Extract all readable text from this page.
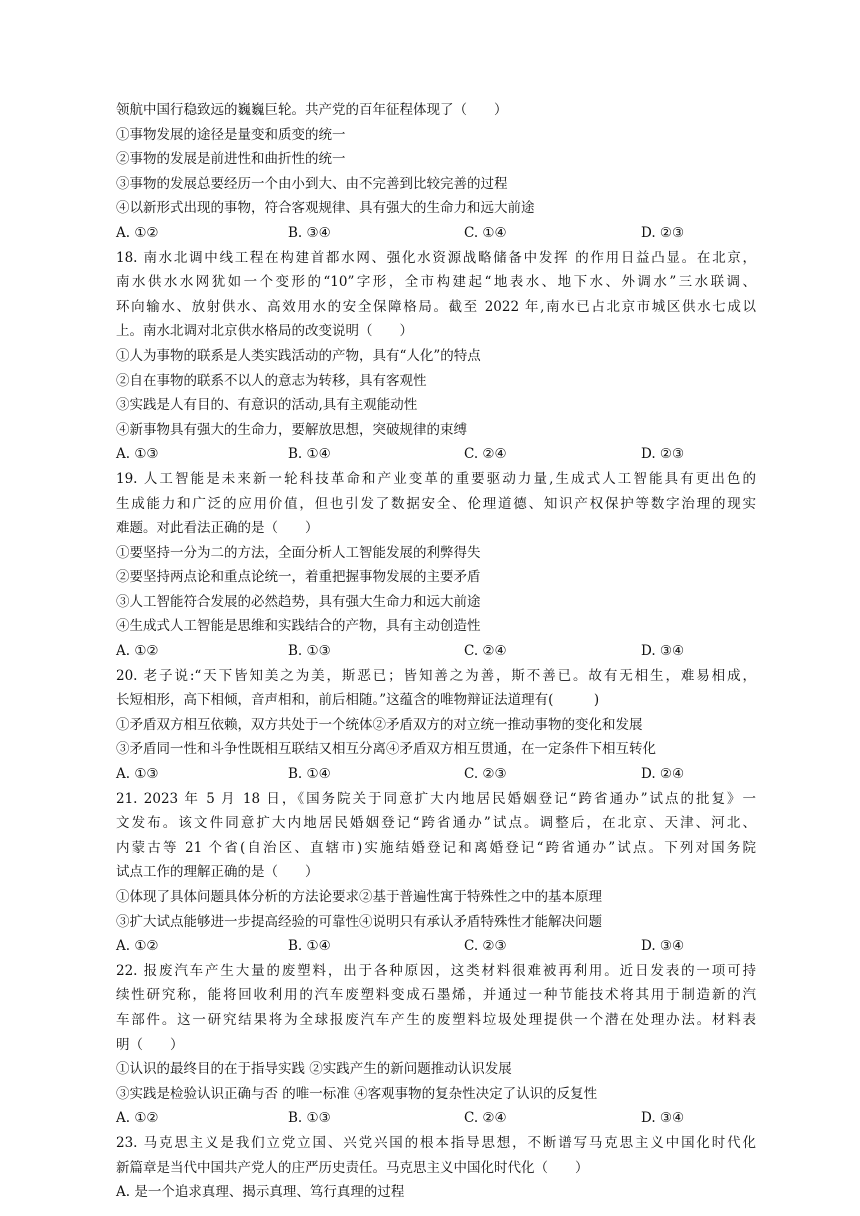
领航中国行稳致远的巍巍巨轮。共产党的百年征程体现了（　　）
①事物发展的途径是量变和质变的统一
②事物的发展是前进性和曲折性的统一
③事物的发展总要经历一个由小到大、由不完善到比较完善的过程
④以新形式出现的事物，符合客观规律、具有强大的生命力和远大前途
A. ①②	B. ③④	C. ①④	D. ②③
18. 南水北调中线工程在构建首都水网、强化水资源战略储备中发挥 的作用日益凸显。在北京，
南水供水水网犹如一个变形的“10”字形，全市构建起“地表水、地下水、外调水”三水联调、
环向输水、放射供水、高效用水的安全保障格局。截至 2022 年,南水已占北京市城区供水七成以
上。南水北调对北京供水格局的改变说明（　　）
①人为事物的联系是人类实践活动的产物，具有“人化”的特点
②自在事物的联系不以人的意志为转移，具有客观性
③实践是人有目的、有意识的活动,具有主观能动性
④新事物具有强大的生命力，要解放思想，突破规律的束缚
A. ①③	B. ①④	C. ②④	D. ②③
19. 人工智能是未来新一轮科技革命和产业变革的重要驱动力量,生成式人工智能具有更出色的
生成能力和广泛的应用价值，但也引发了数据安全、伦理道德、知识产权保护等数字治理的现实
难题。对此看法正确的是（　　）
①要坚持一分为二的方法，全面分析人工智能发展的利弊得失
②要坚持两点论和重点论统一，着重把握事物发展的主要矛盾
③人工智能符合发展的必然趋势，具有强大生命力和远大前途
④生成式人工智能是思维和实践结合的产物，具有主动创造性
A. ①②	B. ①③	C. ②④	D. ③④
20. 老子说:“天下皆知美之为美，斯恶已；皆知善之为善，斯不善已。故有无相生，难易相成，
长短相形，高下相倾，音声相和，前后相随。”这蕴含的唯物辩证法道理有(　　　)
①矛盾双方相互依赖，双方共处于一个统体②矛盾双方的对立统一推动事物的变化和发展
③矛盾同一性和斗争性既相互联结又相互分离④矛盾双方相互贯通，在一定条件下相互转化
A. ①③	B. ①④	C. ②③	D. ②④
21. 2023 年 5 月 18 日，《国务院关于同意扩大内地居民婚姻登记“跨省通办”试点的批复》一
文发布。该文件同意扩大内地居民婚姻登记“跨省通办”试点。调整后，在北京、天津、河北、
内蒙古等 21 个省(自治区、直辖市)实施结婚登记和离婚登记“跨省通办”试点。下列对国务院
试点工作的理解正确的是（　　）
①体现了具体问题具体分析的方法论要求②基于普遍性寓于特殊性之中的基本原理
③扩大试点能够进一步提高经验的可靠性④说明只有承认矛盾特殊性才能解决问题
A. ①②	B. ①④	C. ②③	D. ③④
22. 报废汽车产生大量的废塑料，出于各种原因，这类材料很难被再利用。近日发表的一项可持
续性研究称，能将回收利用的汽车废塑料变成石墨烯，并通过一种节能技术将其用于制造新的汽
车部件。这一研究结果将为全球报废汽车产生的废塑料垃圾处理提供一个潜在处理办法。材料表
明（　　）
①认识的最终目的在于指导实践 ②实践产生的新问题推动认识发展
③实践是检验认识正确与否 的唯一标准 ④客观事物的复杂性决定了认识的反复性
A. ①②	B. ①③	C. ②④	D. ③④
23. 马克思主义是我们立党立国、兴党兴国的根本指导思想，不断谱写马克思主义中国化时代化
新篇章是当代中国共产党人的庄严历史责任。马克思主义中国化时代化（　　）
A. 是一个追求真理、揭示真理、笃行真理的过程
